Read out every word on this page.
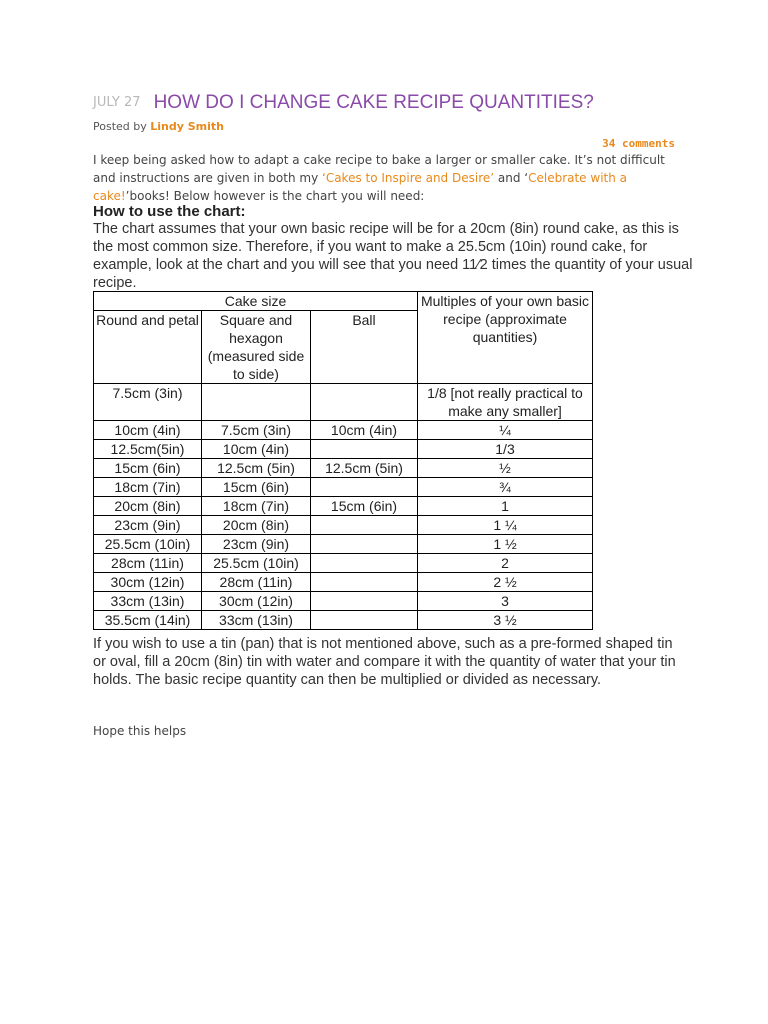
JULY 27 HOW DO I CHANGE CAKE RECIPE QUANTITIES?
Posted by Lindy Smith
34 comments
I keep being asked how to adapt a cake recipe to bake a larger or smaller cake. It’s not difficult and instructions are given in both my ‘Cakes to Inspire and Desire’ and ‘Celebrate with a cake!’books! Below however is the chart you will need:
How to use the chart:
The chart assumes that your own basic recipe will be for a 20cm (8in) round cake, as this is the most common size. Therefore, if you want to make a 25.5cm (10in) round cake, for example, look at the chart and you will see that you need 11⁄2 times the quantity of your usual recipe.
Cake size			Multiples of your own basic recipe (approximate quantities)
Round and petal	Square and hexagon (measured side to side)	Ball	
7.5cm (3in)			1/8 [not really practical to make any smaller]
10cm (4in)	7.5cm (3in)	10cm (4in)	¼
12.5cm(5in)	10cm (4in)		1/3
15cm (6in)	12.5cm (5in)	12.5cm (5in)	½
18cm (7in)	15cm (6in)		¾
20cm (8in)	18cm (7in)	15cm (6in)	1
23cm (9in)	20cm (8in)		1 ¼
25.5cm (10in)	23cm (9in)		1 ½
28cm (11in)	25.5cm (10in)		2
30cm (12in)	28cm (11in)		2 ½
33cm (13in)	30cm (12in)		3
35.5cm (14in)	33cm (13in)		3 ½
If you wish to use a tin (pan) that is not mentioned above, such as a pre-formed shaped tin or oval, fill a 20cm (8in) tin with water and compare it with the quantity of water that your tin holds. The basic recipe quantity can then be multiplied or divided as necessary.
Hope this helps
